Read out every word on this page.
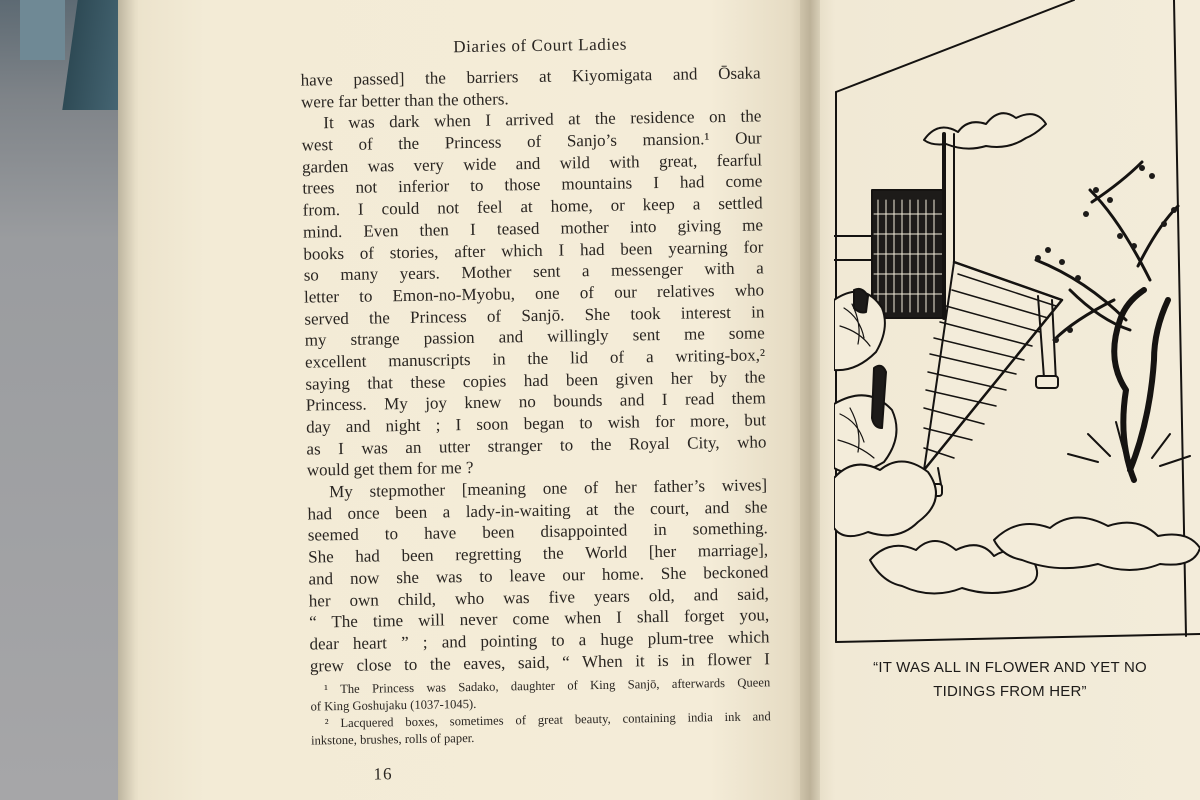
Diaries of Court Ladies
have passed] the barriers at Kiyomigata and Ōsaka
were far better than the others.
It was dark when I arrived at the residence on the
west of the Princess of Sanjo’s mansion.¹ Our
garden was very wide and wild with great, fearful
trees not inferior to those mountains I had come
from. I could not feel at home, or keep a settled
mind. Even then I teased mother into giving me
books of stories, after which I had been yearning for
so many years. Mother sent a messenger with a
letter to Emon-no-Myobu, one of our relatives who
served the Princess of Sanjō. She took interest in
my strange passion and willingly sent me some
excellent manuscripts in the lid of a writing-box,²
saying that these copies had been given her by the
Princess. My joy knew no bounds and I read them
day and night ; I soon began to wish for more, but
as I was an utter stranger to the Royal City, who
would get them for me ?
My stepmother [meaning one of her father’s wives]
had once been a lady-in-waiting at the court, and she
seemed to have been disappointed in something.
She had been regretting the World [her marriage],
and now she was to leave our home. She beckoned
her own child, who was five years old, and said,
“ The time will never come when I shall forget you,
dear heart ” ; and pointing to a huge plum-tree which
grew close to the eaves, said, “ When it is in flower I
¹ The Princess was Sadako, daughter of King Sanjō, afterwards Queen
of King Goshujaku (1037-1045).
² Lacquered boxes, sometimes of great beauty, containing india ink and
inkstone, brushes, rolls of paper.
16
“IT WAS ALL IN FLOWER AND YET NO
TIDINGS FROM HER”
